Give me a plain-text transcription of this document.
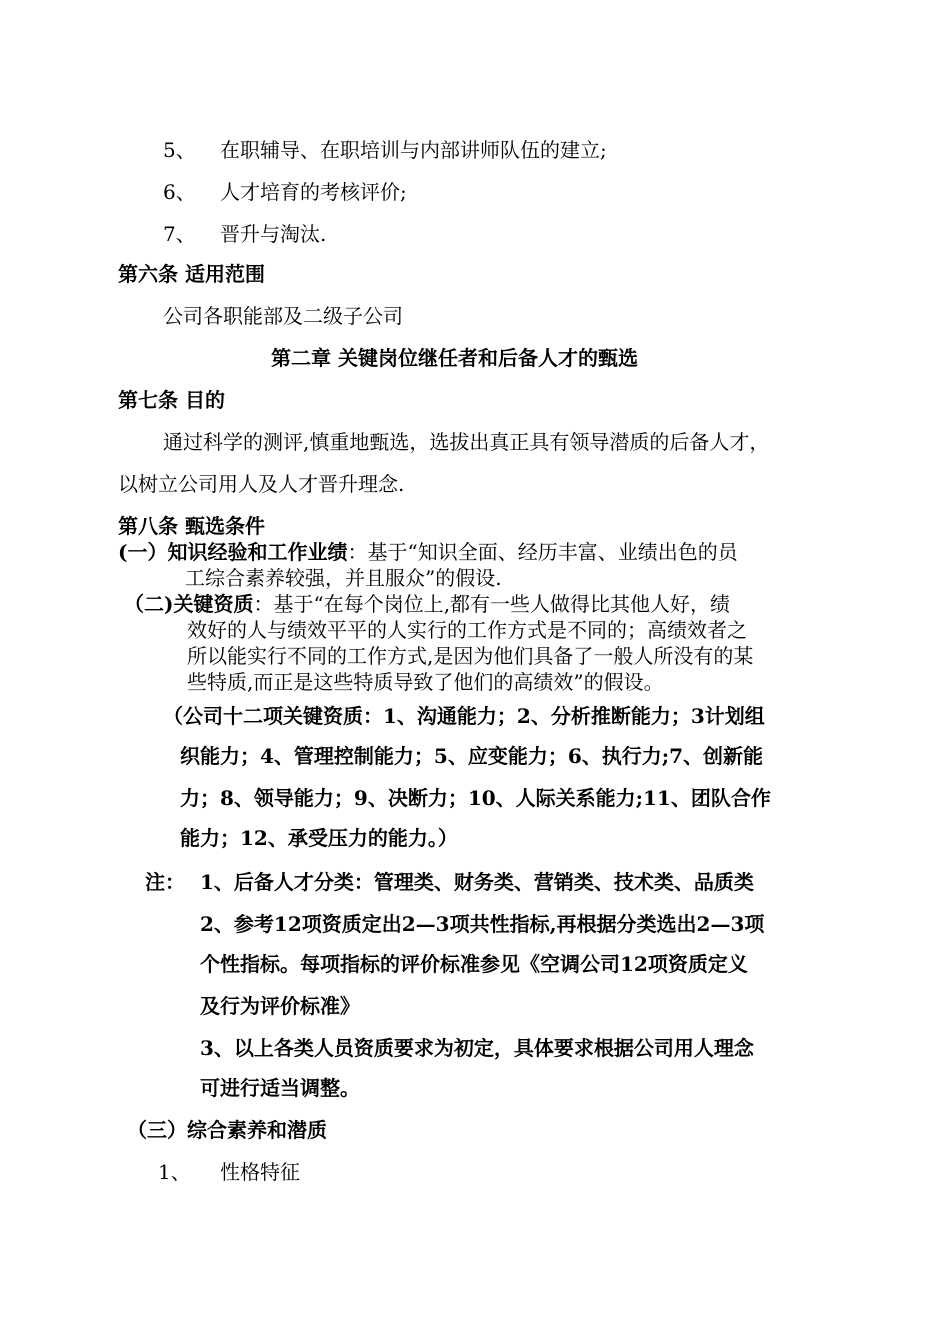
5、 在职辅导、在职培训与内部讲师队伍的建立;
6、 人才培育的考核评价;
7、 晋升与淘汰.
第六条 适用范围
公司各职能部及二级子公司
第二章 关键岗位继任者和后备人才的甄选
第七条 目的
通过科学的测评,慎重地甄选，选拔出真正具有领导潜质的后备人才，
以树立公司用人及人才晋升理念.
第八条 甄选条件
(一）知识经验和工作业绩：基于“知识全面、经历丰富、业绩出色的员
工综合素养较强，并且服众”的假设.
（二)关键资质：基于“在每个岗位上,都有一些人做得比其他人好，绩
效好的人与绩效平平的人实行的工作方式是不同的；高绩效者之
所以能实行不同的工作方式,是因为他们具备了一般人所没有的某
些特质,而正是这些特质导致了他们的高绩效”的假设。
（公司十二项关键资质：1、沟通能力；2、分析推断能力；3计划组
织能力；4、管理控制能力；5、应变能力；6、执行力;7、创新能
力；8、领导能力；9、决断力；10、人际关系能力;11、团队合作
能力；12、承受压力的能力。）
注： 1、后备人才分类：管理类、财务类、营销类、技术类、品质类
2、参考12项资质定出2—3项共性指标,再根据分类选出2—3项
个性指标。每项指标的评价标准参见《空调公司12项资质定义
及行为评价标准》
3、以上各类人员资质要求为初定，具体要求根据公司用人理念
可进行适当调整。
（三）综合素养和潜质
1、 性格特征
